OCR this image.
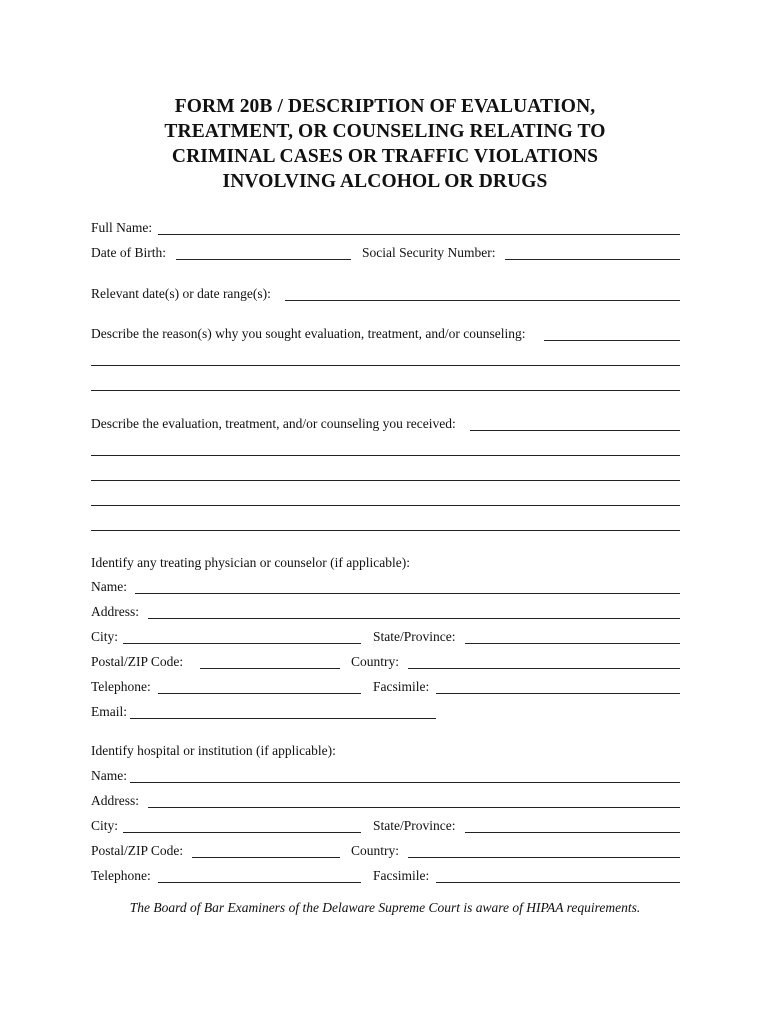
FORM 20B / DESCRIPTION OF EVALUATION,
TREATMENT, OR COUNSELING RELATING TO
CRIMINAL CASES OR TRAFFIC VIOLATIONS
INVOLVING ALCOHOL OR DRUGS
Full Name:
Date of Birth:	Social Security Number:
Relevant date(s) or date range(s):
Describe the reason(s) why you sought evaluation, treatment, and/or counseling:
Describe the evaluation, treatment, and/or counseling you received:
Identify any treating physician or counselor (if applicable):
Name:
Address:
City:	State/Province:
Postal/ZIP Code:	Country:
Telephone:	Facsimile:
Email:
Identify hospital or institution (if applicable):
Name:
Address:
City:	State/Province:
Postal/ZIP Code:	Country:
Telephone:	Facsimile:
The Board of Bar Examiners of the Delaware Supreme Court is aware of HIPAA requirements.
